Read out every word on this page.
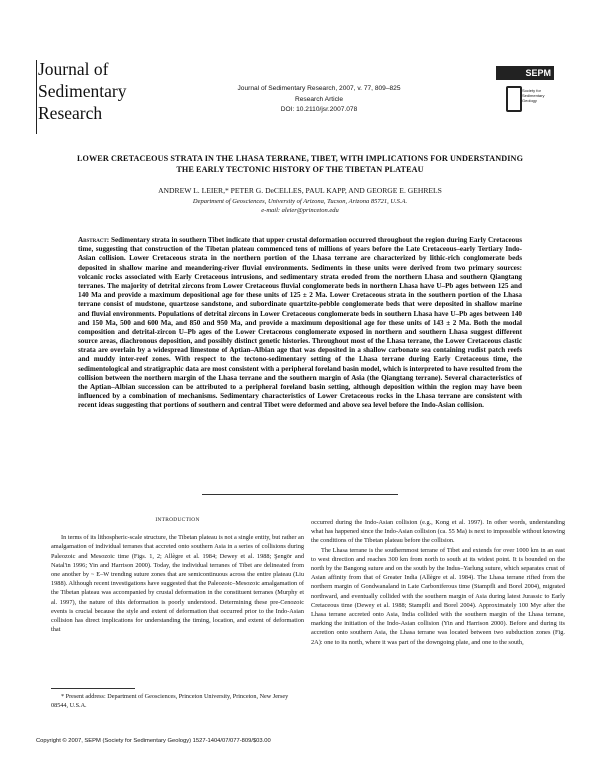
Journal of
Sedimentary
Research
Journal of Sedimentary Research, 2007, v. 77, 809–825
Research Article
DOI: 10.2110/jsr.2007.078
SEPM
Society for Sedimentary Geology
LOWER CRETACEOUS STRATA IN THE LHASA TERRANE, TIBET, WITH IMPLICATIONS FOR UNDERSTANDING THE EARLY TECTONIC HISTORY OF THE TIBETAN PLATEAU
ANDREW L. LEIER,* PETER G. DeCELLES, PAUL KAPP, AND GEORGE E. GEHRELS
Department of Geosciences, University of Arizona, Tucson, Arizona 85721, U.S.A.
e-mail: aleier@princeton.edu
Abstract: Sedimentary strata in southern Tibet indicate that upper crustal deformation occurred throughout the region during Early Cretaceous time, suggesting that construction of the Tibetan plateau commenced tens of millions of years before the Late Cretaceous–early Tertiary Indo-Asian collision. Lower Cretaceous strata in the northern portion of the Lhasa terrane are characterized by lithic-rich conglomerate beds deposited in shallow marine and meandering-river fluvial environments. Sediments in these units were derived from two primary sources: volcanic rocks associated with Early Cretaceous intrusions, and sedimentary strata eroded from the northern Lhasa and southern Qiangtang terranes. The majority of detrital zircons from Lower Cretaceous fluvial conglomerate beds in northern Lhasa have U–Pb ages between 125 and 140 Ma and provide a maximum depositional age for these units of 125 ± 2 Ma. Lower Cretaceous strata in the southern portion of the Lhasa terrane consist of mudstone, quartzose sandstone, and subordinate quartzite-pebble conglomerate beds that were deposited in shallow marine and fluvial environments. Populations of detrital zircons in Lower Cretaceous conglomerate beds in southern Lhasa have U–Pb ages between 140 and 150 Ma, 500 and 600 Ma, and 850 and 950 Ma, and provide a maximum depositional age for these units of 143 ± 2 Ma. Both the modal composition and detrital-zircon U–Pb ages of the Lower Cretaceous conglomerate exposed in northern and southern Lhasa suggest different source areas, diachronous deposition, and possibly distinct genetic histories. Throughout most of the Lhasa terrane, the Lower Cretaceous clastic strata are overlain by a widespread limestone of Aptian–Albian age that was deposited in a shallow carbonate sea containing rudist patch reefs and muddy inter-reef zones. With respect to the tectono-sedimentary setting of the Lhasa terrane during Early Cretaceous time, the sedimentological and stratigraphic data are most consistent with a peripheral foreland basin model, which is interpreted to have resulted from the collision between the northern margin of the Lhasa terrane and the southern margin of Asia (the Qiangtang terrane). Several characteristics of the Aptian–Albian succession can be attributed to a peripheral foreland basin setting, although deposition within the region may have been influenced by a combination of mechanisms. Sedimentary characteristics of Lower Cretaceous rocks in the Lhasa terrane are consistent with recent ideas suggesting that portions of southern and central Tibet were deformed and above sea level before the Indo-Asian collision.

INTRODUCTION

In terms of its lithospheric-scale structure, the Tibetan plateau is not a single entity, but rather an amalgamation of individual terranes that accreted onto southern Asia in a series of collisions during Paleozoic and Mesozoic time (Figs. 1, 2; Allègre et al. 1984; Dewey et al. 1988; Şengör and Natal'in 1996; Yin and Harrison 2000). Today, the individual terranes of Tibet are delineated from one another by ~ E–W trending suture zones that are semicontinuous across the entire plateau (Liu 1988). Although recent investigations have suggested that the Paleozoic–Mesozoic amalgamation of the Tibetan plateau was accompanied by crustal deformation in the constituent terranes (Murphy et al. 1997), the nature of this deformation is poorly understood. Determining these pre-Cenozoic events is crucial because the style and extent of deformation that occurred prior to the Indo-Asian collision has direct implications for understanding the timing, location, and extent of deformation that

occurred during the Indo-Asian collision (e.g., Kong et al. 1997). In other words, understanding what has happened since the Indo-Asian collision (ca. 55 Ma) is next to impossible without knowing the conditions of the Tibetan plateau before the collision.

The Lhasa terrane is the southernmost terrane of Tibet and extends for over 1000 km in an east to west direction and reaches 300 km from north to south at its widest point. It is bounded on the north by the Bangong suture and on the south by the Indus–Yarlung suture, which separates crust of Asian affinity from that of Greater India (Allègre et al. 1984). The Lhasa terrane rifted from the northern margin of Gondwanaland in Late Carboniferous time (Stampfli and Borel 2004), migrated northward, and eventually collided with the southern margin of Asia during latest Jurassic to Early Cretaceous time (Dewey et al. 1988; Stampfli and Borel 2004). Approximately 100 Myr after the Lhasa terrane accreted onto Asia, India collided with the southern margin of the Lhasa terrane, marking the initiation of the Indo-Asian collision (Yin and Harrison 2000). Before and during its accretion onto southern Asia, the Lhasa terrane was located between two subduction zones (Fig. 2A): one to its north, where it was part of the downgoing plate, and one to the south,

* Present address: Department of Geosciences, Princeton University, Princeton, New Jersey 08544, U.S.A.
Copyright © 2007, SEPM (Society for Sedimentary Geology) 1527-1404/07/077-809/$03.00
